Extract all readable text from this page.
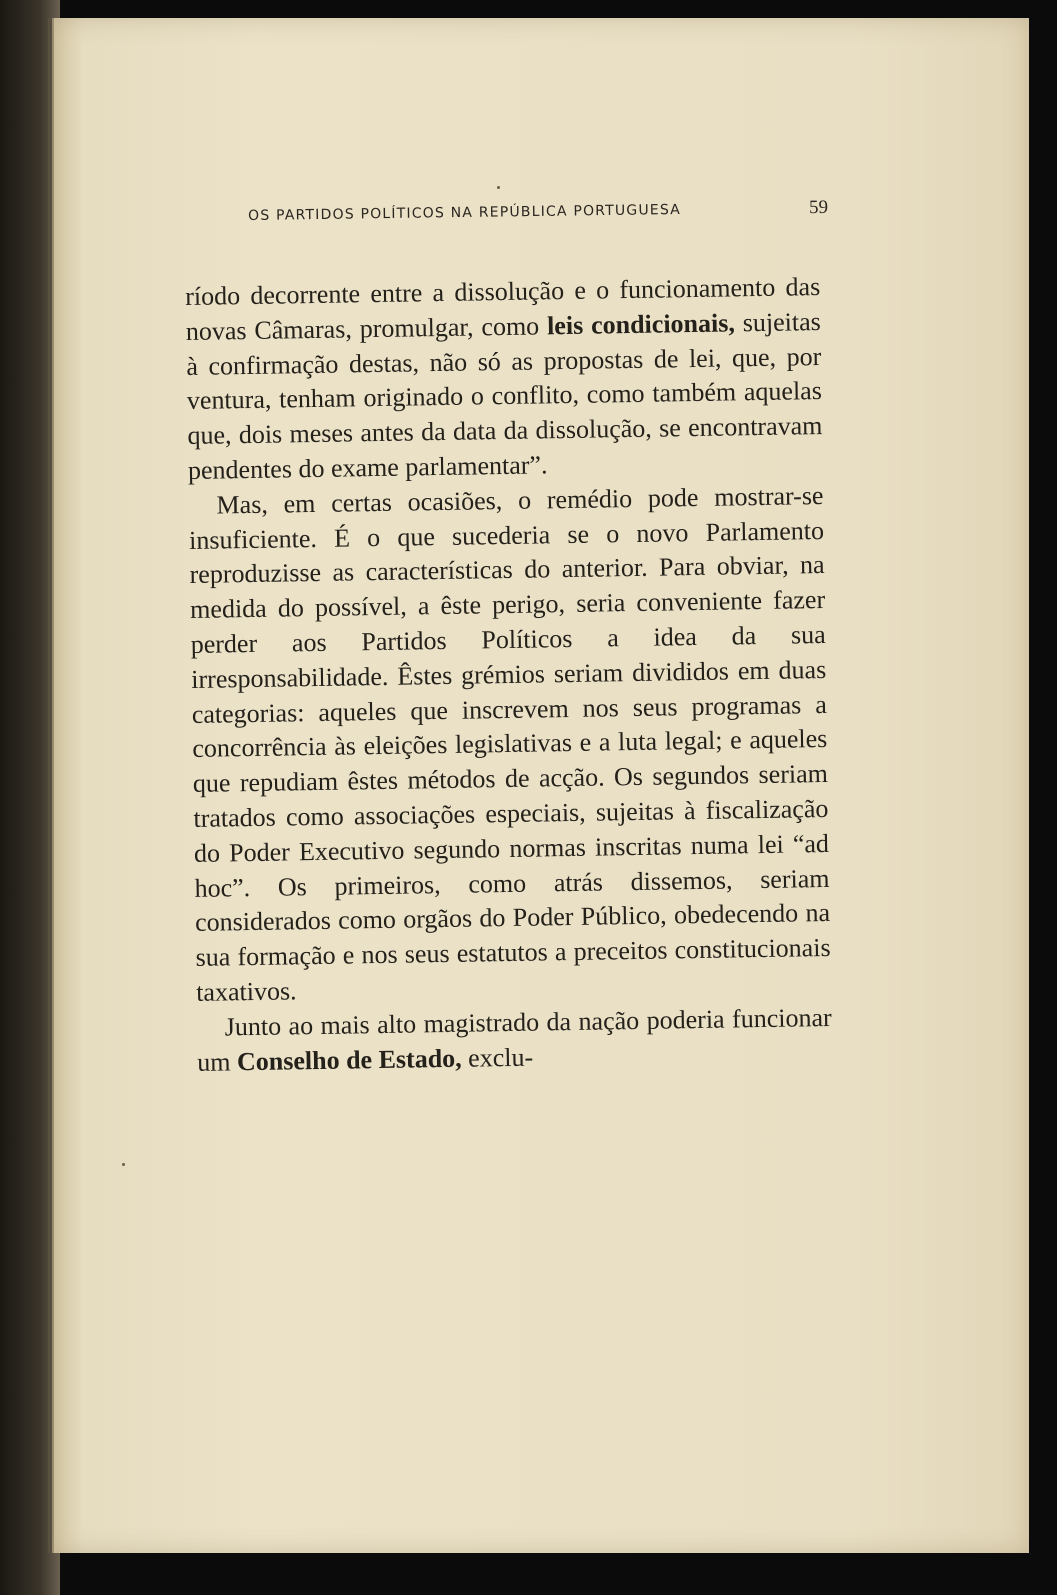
OS PARTIDOS POLÍTICOS NA REPÚBLICA PORTUGUESA	59

ríodo decorrente entre a dissolução e o funcionamento das novas Câmaras, promulgar, como leis condicionais, sujeitas à confirmação destas, não só as propostas de lei, que, por ventura, tenham originado o conflito, como também aquelas que, dois meses antes da data da dissolução, se encontravam pendentes do exame parlamentar”.

Mas, em certas ocasiões, o remédio pode mostrar-se insuficiente. É o que sucederia se o novo Parlamento reproduzisse as características do anterior. Para obviar, na medida do possível, a êste perigo, seria conveniente fazer perder aos Partidos Políticos a idea da sua irresponsabilidade. Êstes grémios seriam divididos em duas categorias: aqueles que inscrevem nos seus programas a concorrência às eleições legislativas e a luta legal; e aqueles que repudiam êstes métodos de acção. Os segundos seriam tratados como associações especiais, sujeitas à fiscalização do Poder Executivo segundo normas inscritas numa lei “ad hoc”. Os primeiros, como atrás dissemos, seriam considerados como orgãos do Poder Público, obedecendo na sua formação e nos seus estatutos a preceitos constitucionais taxativos.

Junto ao mais alto magistrado da nação poderia funcionar um Conselho de Estado, exclu-
